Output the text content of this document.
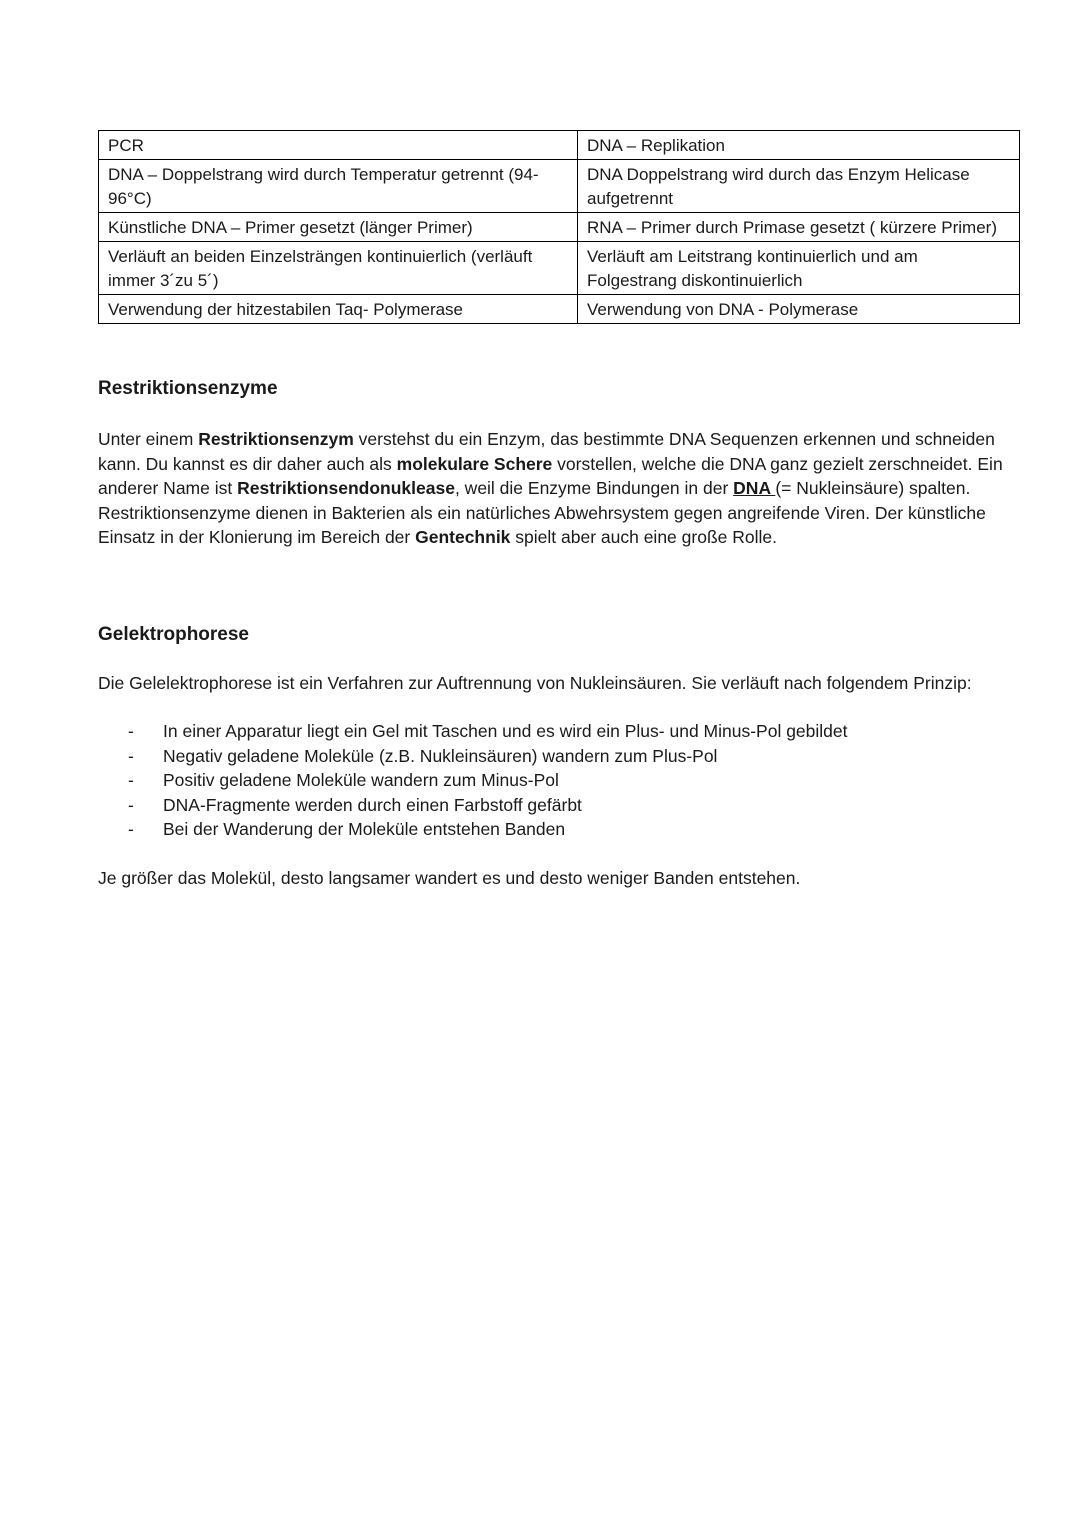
PCR	DNA – Replikation
DNA – Doppelstrang wird durch Temperatur getrennt (94-96°C)	DNA Doppelstrang wird durch das Enzym Helicase aufgetrennt
Künstliche DNA – Primer gesetzt (länger Primer)	RNA – Primer durch Primase gesetzt ( kürzere Primer)
Verläuft an beiden Einzelsträngen kontinuierlich (verläuft immer 3´zu 5´)	Verläuft am Leitstrang kontinuierlich und am Folgestrang diskontinuierlich
Verwendung der hitzestabilen Taq- Polymerase	Verwendung von DNA - Polymerase
Restriktionsenzyme

Unter einem Restriktionsenzym verstehst du ein Enzym, das bestimmte DNA Sequenzen erkennen und schneiden kann. Du kannst es dir daher auch als molekulare Schere vorstellen, welche die DNA ganz gezielt zerschneidet. Ein anderer Name ist Restriktionsendonuklease, weil die Enzyme Bindungen in der DNA (= Nukleinsäure) spalten. Restriktionsenzyme dienen in Bakterien als ein natürliches Abwehrsystem gegen angreifende Viren. Der künstliche Einsatz in der Klonierung im Bereich der Gentechnik spielt aber auch eine große Rolle.

Gelektrophorese

Die Gelelektrophorese ist ein Verfahren zur Auftrennung von Nukleinsäuren. Sie verläuft nach folgendem Prinzip:

- In einer Apparatur liegt ein Gel mit Taschen und es wird ein Plus- und Minus-Pol gebildet
- Negativ geladene Moleküle (z.B. Nukleinsäuren) wandern zum Plus-Pol
- Positiv geladene Moleküle wandern zum Minus-Pol
- DNA-Fragmente werden durch einen Farbstoff gefärbt
- Bei der Wanderung der Moleküle entstehen Banden

Je größer das Molekül, desto langsamer wandert es und desto weniger Banden entstehen.
